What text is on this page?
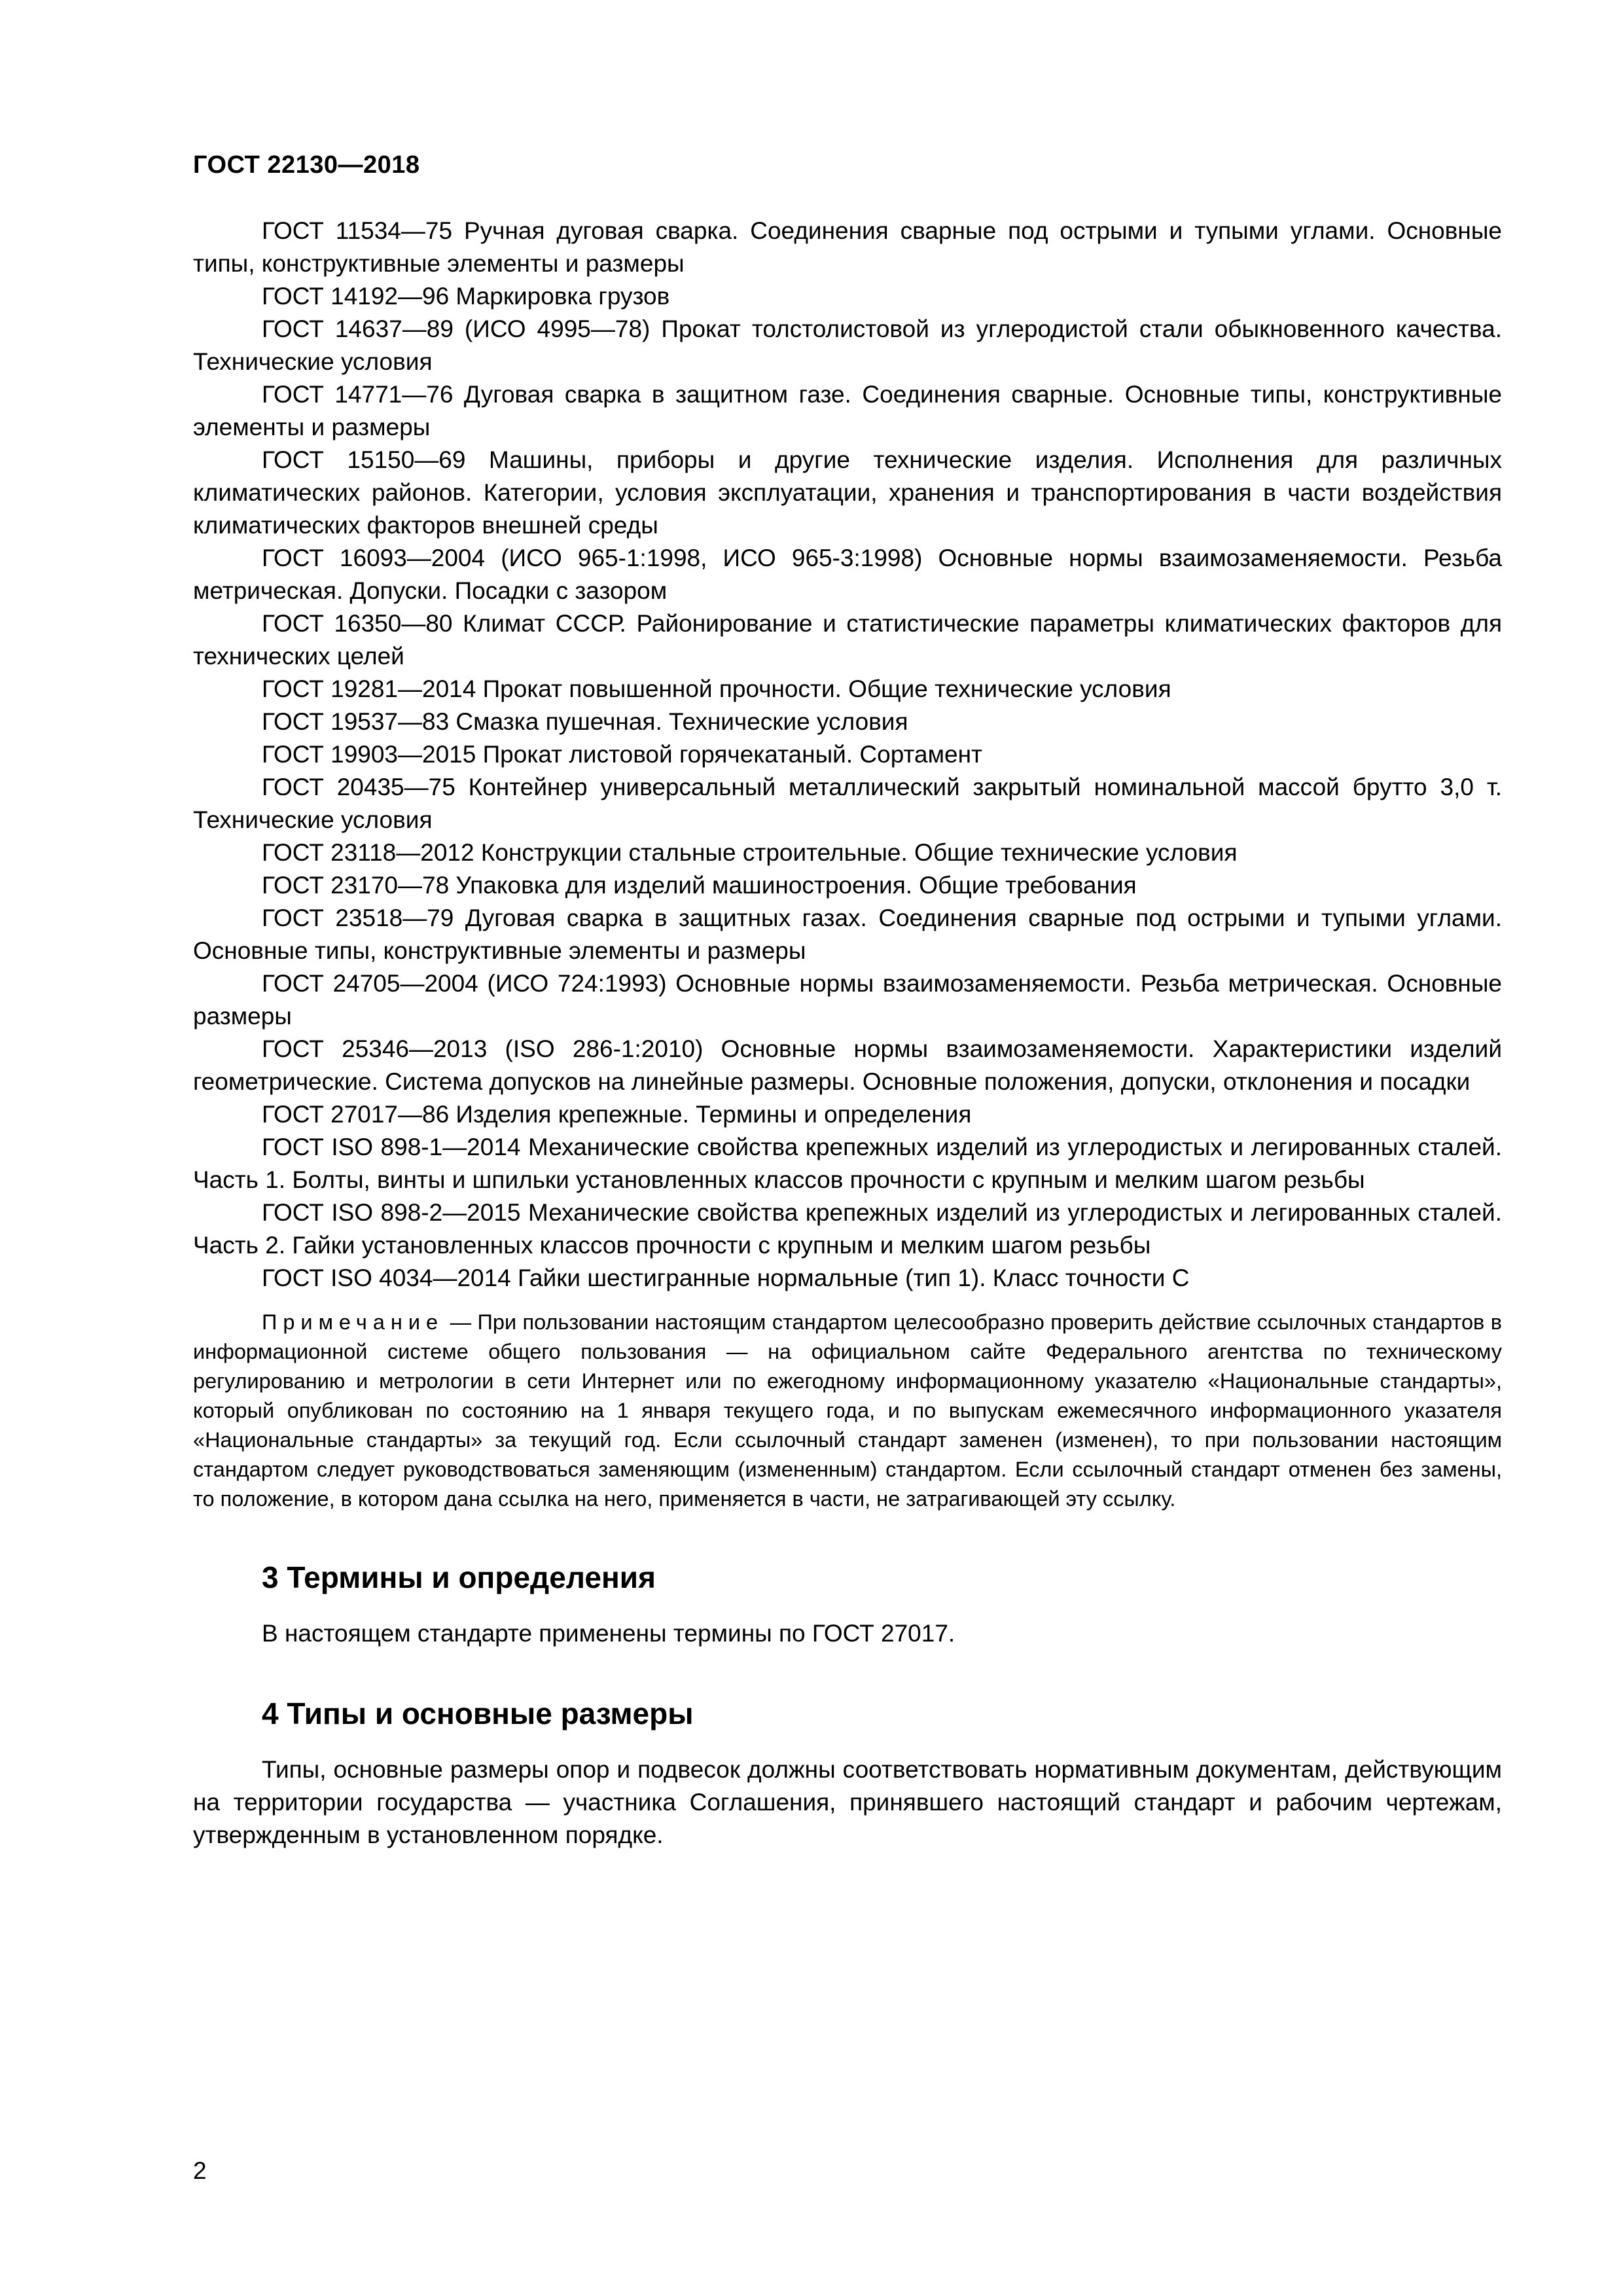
ГОСТ 22130—2018

ГОСТ 11534—75 Ручная дуговая сварка. Соединения сварные под острыми и тупыми углами. Основные типы, конструктивные элементы и размеры

ГОСТ 14192—96 Маркировка грузов

ГОСТ 14637—89 (ИСО 4995—78) Прокат толстолистовой из углеродистой стали обыкновенного качества. Технические условия

ГОСТ 14771—76 Дуговая сварка в защитном газе. Соединения сварные. Основные типы, конструктивные элементы и размеры

ГОСТ 15150—69 Машины, приборы и другие технические изделия. Исполнения для различных климатических районов. Категории, условия эксплуатации, хранения и транспортирования в части воздействия климатических факторов внешней среды

ГОСТ 16093—2004 (ИСО 965-1:1998, ИСО 965-3:1998) Основные нормы взаимозаменяемости. Резьба метрическая. Допуски. Посадки с зазором

ГОСТ 16350—80 Климат СССР. Районирование и статистические параметры климатических факторов для технических целей

ГОСТ 19281—2014 Прокат повышенной прочности. Общие технические условия

ГОСТ 19537—83 Смазка пушечная. Технические условия

ГОСТ 19903—2015 Прокат листовой горячекатаный. Сортамент

ГОСТ 20435—75 Контейнер универсальный металлический закрытый номинальной массой брутто 3,0 т. Технические условия

ГОСТ 23118—2012 Конструкции стальные строительные. Общие технические условия

ГОСТ 23170—78 Упаковка для изделий машиностроения. Общие требования

ГОСТ 23518—79 Дуговая сварка в защитных газах. Соединения сварные под острыми и тупыми углами. Основные типы, конструктивные элементы и размеры

ГОСТ 24705—2004 (ИСО 724:1993) Основные нормы взаимозаменяемости. Резьба метрическая. Основные размеры

ГОСТ 25346—2013 (ISO 286-1:2010) Основные нормы взаимозаменяемости. Характеристики изделий геометрические. Система допусков на линейные размеры. Основные положения, допуски, отклонения и посадки

ГОСТ 27017—86 Изделия крепежные. Термины и определения

ГОСТ ISO 898-1—2014 Механические свойства крепежных изделий из углеродистых и легированных сталей. Часть 1. Болты, винты и шпильки установленных классов прочности с крупным и мелким шагом резьбы

ГОСТ ISO 898-2—2015 Механические свойства крепежных изделий из углеродистых и легированных сталей. Часть 2. Гайки установленных классов прочности с крупным и мелким шагом резьбы

ГОСТ ISO 4034—2014 Гайки шестигранные нормальные (тип 1). Класс точности С

Примечание — При пользовании настоящим стандартом целесообразно проверить действие ссылочных стандартов в информационной системе общего пользования — на официальном сайте Федерального агентства по техническому регулированию и метрологии в сети Интернет или по ежегодному информационному указателю «Национальные стандарты», который опубликован по состоянию на 1 января текущего года, и по выпускам ежемесячного информационного указателя «Национальные стандарты» за текущий год. Если ссылочный стандарт заменен (изменен), то при пользовании настоящим стандартом следует руководствоваться заменяющим (измененным) стандартом. Если ссылочный стандарт отменен без замены, то положение, в котором дана ссылка на него, применяется в части, не затрагивающей эту ссылку.

3 Термины и определения

В настоящем стандарте применены термины по ГОСТ 27017.

4 Типы и основные размеры

Типы, основные размеры опор и подвесок должны соответствовать нормативным документам, действующим на территории государства — участника Соглашения, принявшего настоящий стандарт и рабочим чертежам, утвержденным в установленном порядке.

2
